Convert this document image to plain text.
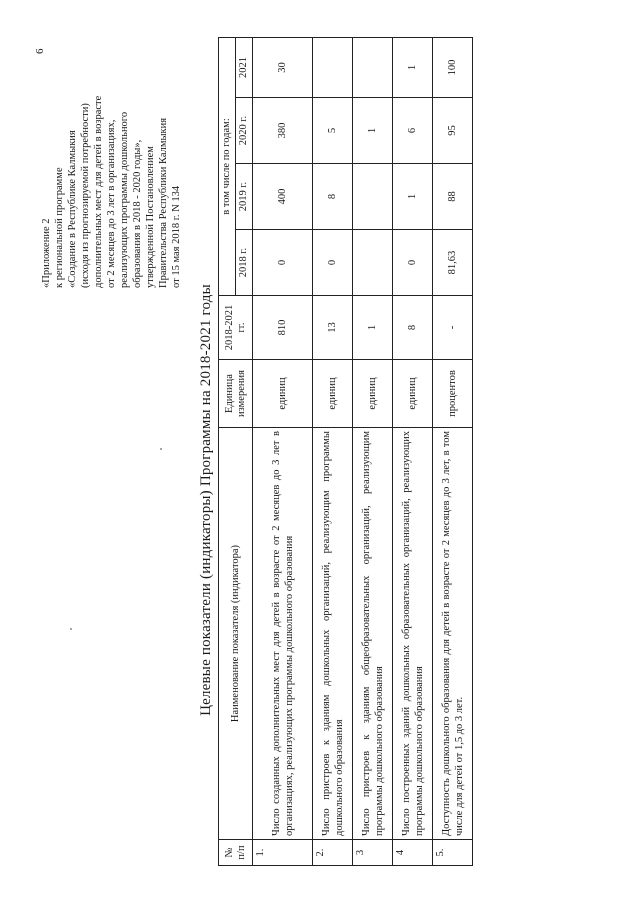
«Приложение 2 к региональной программе «Создание в Республике Калмыкия (исходя из прогнозируемой потребности) дополнительных мест для детей в возрасте от 2 месяцев до 3 лет в организациях, реализующих программы дошкольного образования в 2018 - 2020 годы», утвержденной Постановлением Правительства Республики Калмыкия от 15 мая 2018 г. N 134
6
Целевые показатели (индикаторы) Программы на 2018-2021 годы
№ п/п	Наименование показателя (индикатора)	Единица измерения	2018-2021 гг.	в том числе по годам:			
				2018 г.	2019 г.	2020 г.	2021
1.	Число созданных дополнительных мест для детей в возрасте от 2 месяцев до 3 лет в организациях, реализующих программы дошкольного образования	единиц	810	0	400	380	30
2.	Число пристроев к зданиям дошкольных организаций, реализующим программы дошкольного образования	единиц	13	0	8	5	
3	Число пристроев к зданиям общеобразовательных организаций, реализующим программы дошкольного образования	единиц	1			1	
4	Число построенных зданий дошкольных образовательных организаций, реализующих программы дошкольного образования	единиц	8	0	1	6	1
5.	Доступность дошкольного образования для детей в возрасте от 2 месяцев до 3 лет, в том числе для детей от 1,5 до 3 лет.	процентов	-	81,63	88	95	100
